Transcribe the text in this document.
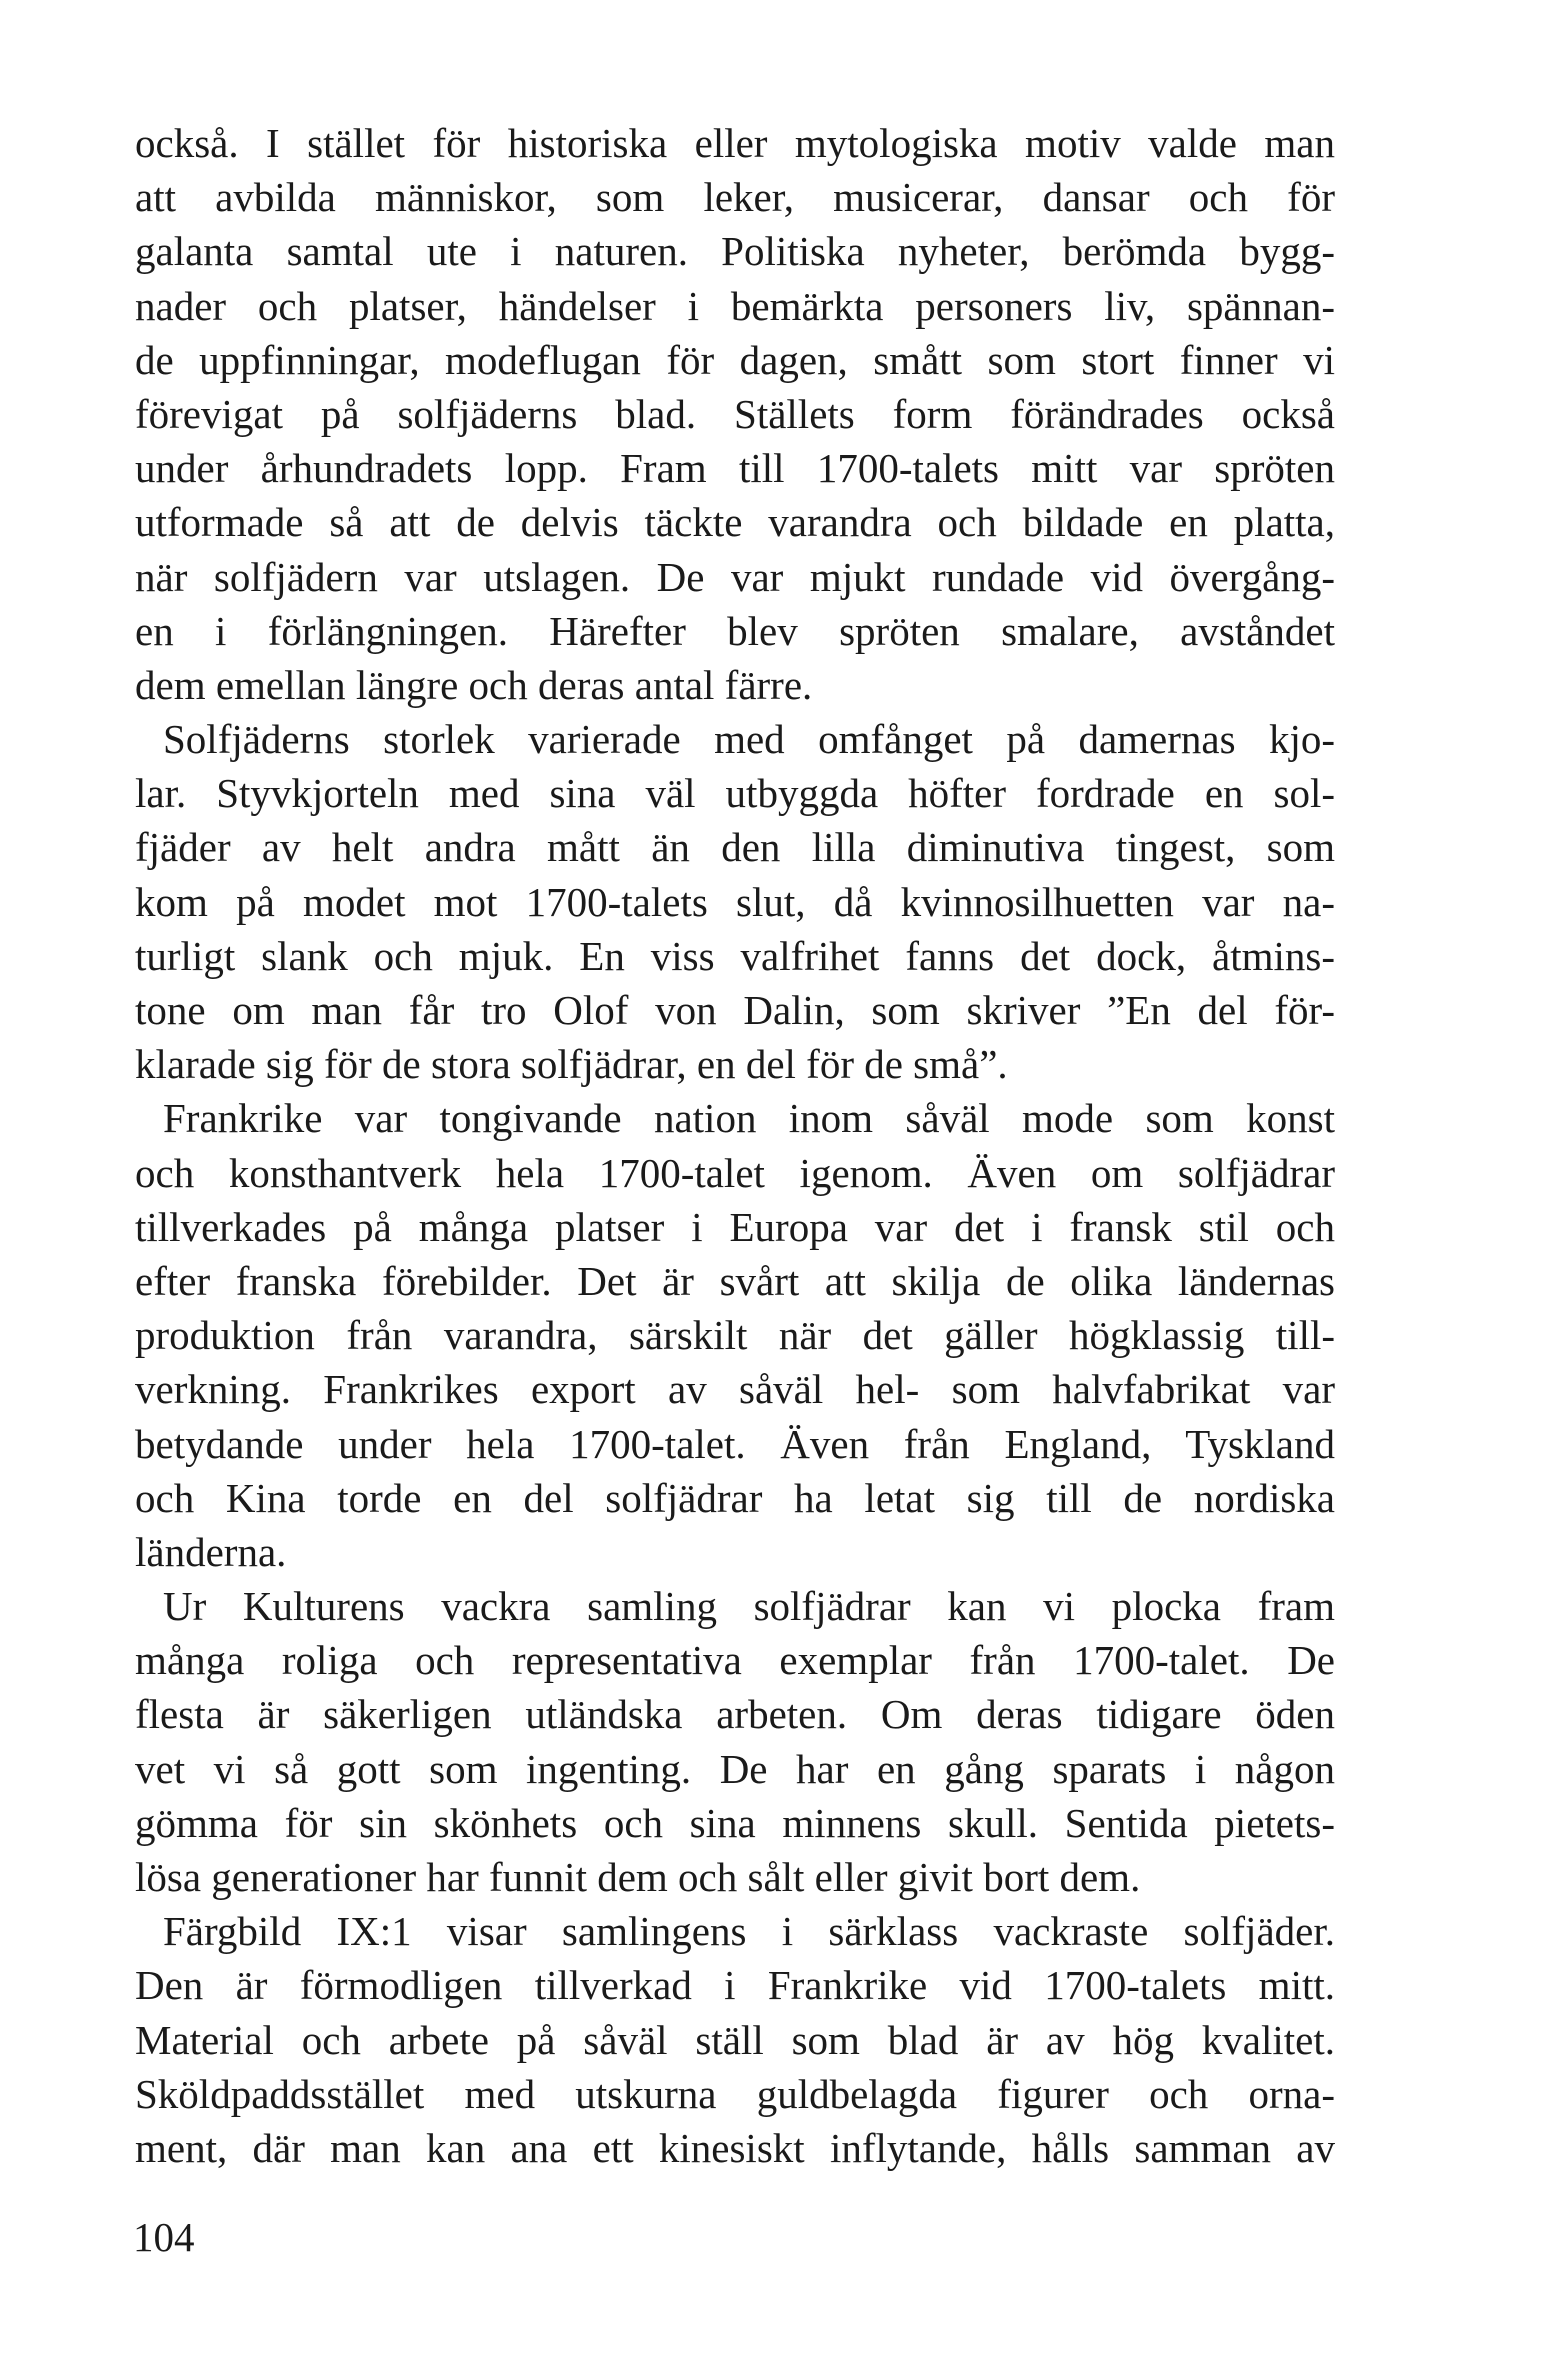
också. I stället för historiska eller mytologiska motiv valde man
att avbilda människor, som leker, musicerar, dansar och för
galanta samtal ute i naturen. Politiska nyheter, berömda bygg-
nader och platser, händelser i bemärkta personers liv, spännan-
de uppfinningar, modeflugan för dagen, smått som stort finner vi
förevigat på solfjäderns blad. Ställets form förändrades också
under århundradets lopp. Fram till 1700-talets mitt var spröten
utformade så att de delvis täckte varandra och bildade en platta,
när solfjädern var utslagen. De var mjukt rundade vid övergång-
en i förlängningen. Härefter blev spröten smalare, avståndet
dem emellan längre och deras antal färre.
Solfjäderns storlek varierade med omfånget på damernas kjo-
lar. Styvkjorteln med sina väl utbyggda höfter fordrade en sol-
fjäder av helt andra mått än den lilla diminutiva tingest, som
kom på modet mot 1700-talets slut, då kvinnosilhuetten var na-
turligt slank och mjuk. En viss valfrihet fanns det dock, åtmins-
tone om man får tro Olof von Dalin, som skriver ”En del för-
klarade sig för de stora solfjädrar, en del för de små”.
Frankrike var tongivande nation inom såväl mode som konst
och konsthantverk hela 1700-talet igenom. Även om solfjädrar
tillverkades på många platser i Europa var det i fransk stil och
efter franska förebilder. Det är svårt att skilja de olika ländernas
produktion från varandra, särskilt när det gäller högklassig till-
verkning. Frankrikes export av såväl hel- som halvfabrikat var
betydande under hela 1700-talet. Även från England, Tyskland
och Kina torde en del solfjädrar ha letat sig till de nordiska
länderna.
Ur Kulturens vackra samling solfjädrar kan vi plocka fram
många roliga och representativa exemplar från 1700-talet. De
flesta är säkerligen utländska arbeten. Om deras tidigare öden
vet vi så gott som ingenting. De har en gång sparats i någon
gömma för sin skönhets och sina minnens skull. Sentida pietets-
lösa generationer har funnit dem och sålt eller givit bort dem.
Färgbild IX:1 visar samlingens i särklass vackraste solfjäder.
Den är förmodligen tillverkad i Frankrike vid 1700-talets mitt.
Material och arbete på såväl ställ som blad är av hög kvalitet.
Sköldpaddsstället med utskurna guldbelagda figurer och orna-
ment, där man kan ana ett kinesiskt inflytande, hålls samman av
104
